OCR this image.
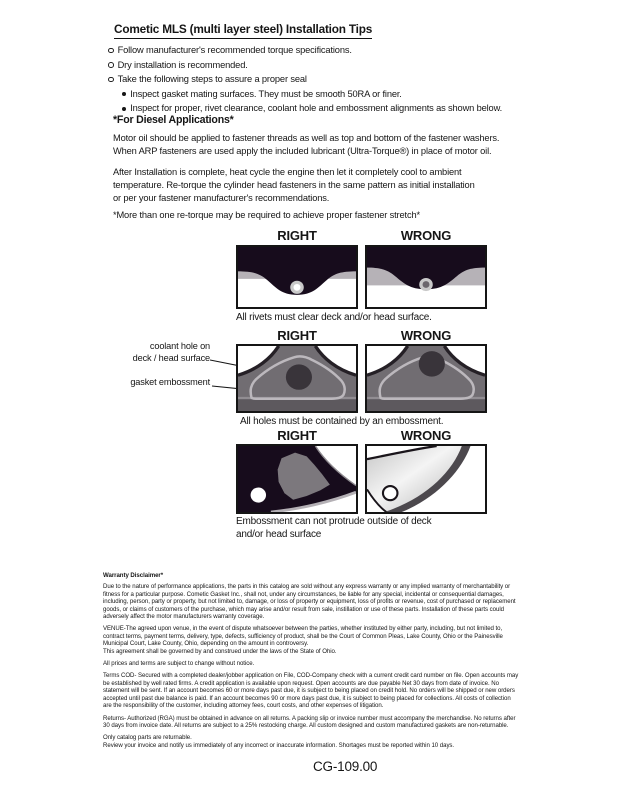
Cometic MLS (multi layer steel) Installation Tips
Follow manufacturer's recommended torque specifications.
Dry installation is recommended.
Take the following steps to assure a proper seal
Inspect gasket mating surfaces. They must be smooth 50RA or finer.
Inspect for proper, rivet clearance, coolant hole and embossment alignments as shown below.
*For Diesel Applications*
Motor oil should be applied to fastener threads as well as top and bottom of the fastener washers.
When ARP fasteners are used apply the included lubricant (Ultra-Torque®) in place of motor oil.
After Installation is complete, heat cycle the engine then let it completely cool to ambient
temperature. Re-torque the cylinder head fasteners in the same pattern as initial installation
or per your fastener manufacturer's recommendations.
*More than one re-torque may be required to achieve proper fastener stretch*
RIGHT	WRONG
All rivets must clear deck and/or head surface.
RIGHT	WRONG
coolant hole on
deck / head surface
gasket embossment
All holes must be contained by an embossment.
RIGHT	WRONG
Embossment can not protrude outside of deck and/or head surface
Warranty Disclaimer*

Due to the nature of performance applications, the parts in this catalog are sold without any express warranty or any implied warranty of merchantability or fitness for a particular purpose. Cometic Gasket Inc., shall not, under any circumstances, be liable for any special, incidental or consequential damages, including, person, party or property, but not limited to, damage, or loss of property or equipment, loss of profits or revenue, cost of purchased or replacement goods, or claims of customers of the purchase, which may arise and/or result from sale, instillation or use of these parts. Installation of these parts could adversely affect the motor manufacturers warranty coverage.

VENUE-The agreed upon venue, in the event of dispute whatsoever between the parties, whether instituted by either party, including, but not limited to, contract terms, payment terms, delivery, type, defects, sufficiency of product, shall be the Court of Common Pleas, Lake County, Ohio or the Painesville Municipal Court, Lake County, Ohio, depending on the amount in controversy.

This agreement shall be governed by and construed under the laws of the State of Ohio.

All prices and terms are subject to change without notice.

Terms COD- Secured with a completed dealer/jobber application on File, COD-Company check with a current credit card number on file. Open accounts may be established by well rated firms. A credit application is available upon request. Open accounts are due payable Net 30 days from date of invoice. No statement will be sent. If an account becomes 60 or more days past due, it is subject to being placed on credit hold. No orders will be shipped or new orders accepted until past due balance is paid. If an account becomes 90 or more days past due, it is subject to being placed for collections. All costs of collection are the responsibility of the customer, including attorney fees, court costs, and other expenses of litigation.

Returns- Authorized (RGA) must be obtained in advance on all returns. A packing slip or invoice number must accompany the merchandise. No returns after 30 days from invoice date. All returns are subject to a 25% restocking charge. All custom designed and custom manufactured gaskets are non-returnable.

Only catalog parts are returnable.

Review your invoice and notify us immediately of any incorrect or inaccurate information. Shortages must be reported within 10 days.

CG-109.00
